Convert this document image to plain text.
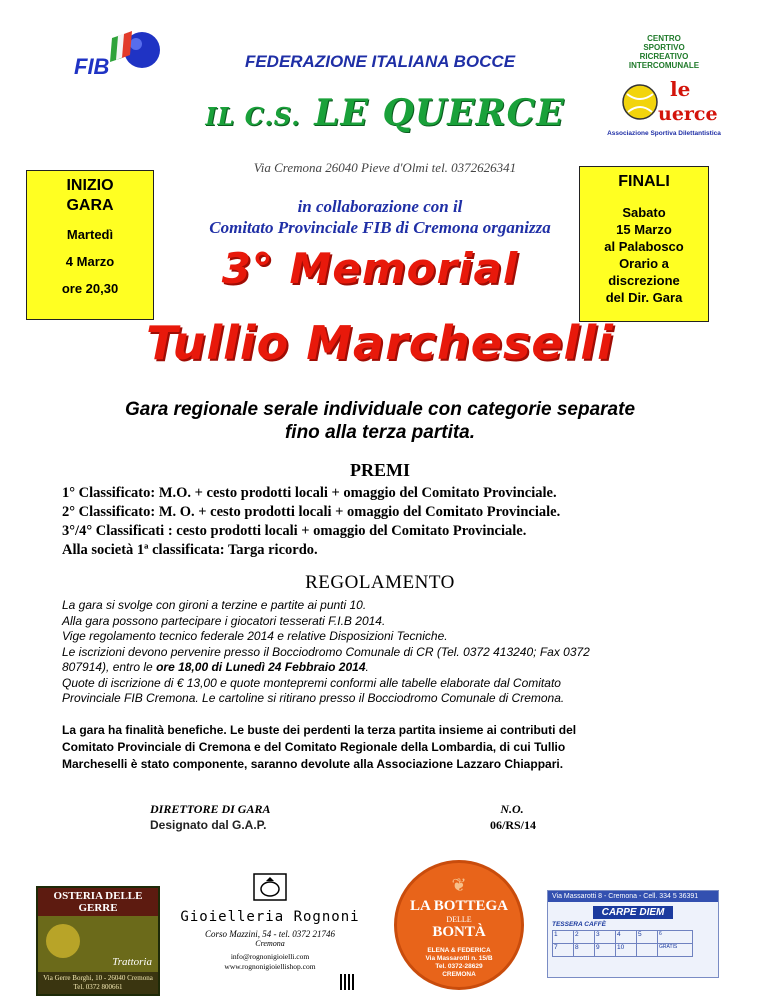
FIB	FEDERAZIONE ITALIANA BOCCE
IL C.S. LE QUERCE
Via Cremona 26040 Pieve d'Olmi tel. 0372626341
CENTRO
SPORTIVO
RICREATIVO
INTERCOMUNALE
le
uerce
Associazione Sportiva Dilettantistica
INIZIO
GARA
Martedì
4 Marzo
ore 20,30
FINALI
Sabato
15 Marzo
al Palabosco
Orario a
discrezione
del Dir. Gara
in collaborazione con il
Comitato Provinciale FIB di Cremona organizza
3° Memorial
Tullio Marcheselli
Gara regionale serale individuale con categorie separate
fino alla terza partita.
PREMI
1° Classificato: M.O. + cesto prodotti locali + omaggio del Comitato Provinciale.
2° Classificato: M. O. + cesto prodotti locali + omaggio del Comitato Provinciale.
3°/4° Classificati : cesto prodotti locali + omaggio del Comitato Provinciale.
Alla società 1ª classificata: Targa ricordo.
REGOLAMENTO
La gara si svolge con gironi a terzine e partite ai punti 10.
Alla gara possono partecipare i giocatori tesserati F.I.B 2014.
Vige regolamento tecnico federale 2014 e relative Disposizioni Tecniche.
Le iscrizioni devono pervenire presso il Bocciodromo Comunale di CR (Tel. 0372 413240; Fax 0372
807914), entro le ore 18,00 di Lunedì 24 Febbraio 2014.
Quote di iscrizione di € 13,00 e quote montepremi conformi alle tabelle elaborate dal Comitato
Provinciale FIB Cremona. Le cartoline si ritirano presso il Bocciodromo Comunale di Cremona.
La gara ha finalità benefiche. Le buste dei perdenti la terza partita insieme ai contributi del
Comitato Provinciale di Cremona e del Comitato Regionale della Lombardia, di cui Tullio
Marcheselli è stato componente, saranno devolute alla Associazione Lazzaro Chiappari.
DIRETTORE DI GARA
Designato dal G.A.P.
N.O.
06/RS/14
OSTERIA DELLE GERRE
Trattoria
Via Gerre Borghi, 10 - 26040 Cremona
Tel. 0372 800661
Gioielleria Rognoni
Corso Mazzini, 54 - tel. 0372 21746
Cremona
info@rognonigioielli.com
www.rognonigioiellishop.com
❦
LA BOTTEGA
DELLE
BONTÀ
ELENA & FEDERICA
Via Massarotti n. 15/B
Tel. 0372-28629
CREMONA
Via Massarotti 8 - Cremona - Cell. 334 5 36391
CARPE DIEM
TESSERA CAFFÈ
1	2	3	4	5	6
7	8	9	10		GRATIS
